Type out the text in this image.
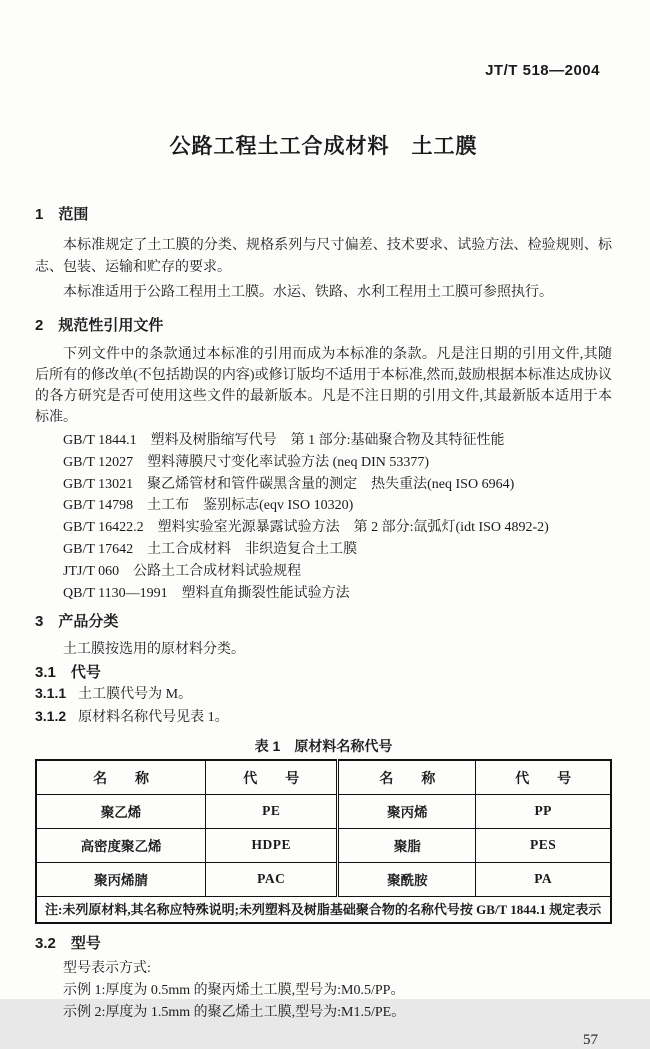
JT/T 518—2004
公路工程土工合成材料　土工膜
1　范围

本标准规定了土工膜的分类、规格系列与尺寸偏差、技术要求、试验方法、检验规则、标志、包装、运输和贮存的要求。

本标准适用于公路工程用土工膜。水运、铁路、水利工程用土工膜可参照执行。

2　规范性引用文件

下列文件中的条款通过本标准的引用而成为本标准的条款。凡是注日期的引用文件,其随后所有的修改单(不包括勘误的内容)或修订版均不适用于本标准,然而,鼓励根据本标准达成协议的各方研究是否可使用这些文件的最新版本。凡是不注日期的引用文件,其最新版本适用于本标准。

GB/T 1844.1　塑料及树脂缩写代号　第 1 部分:基础聚合物及其特征性能
GB/T 12027　塑料薄膜尺寸变化率试验方法 (neq DIN 53377)
GB/T 13021　聚乙烯管材和管件碳黑含量的测定　热失重法(neq ISO 6964)
GB/T 14798　土工布　鉴别标志(eqv ISO 10320)
GB/T 16422.2　塑料实验室光源暴露试验方法　第 2 部分:氙弧灯(idt ISO 4892-2)
GB/T 17642　土工合成材料　非织造复合土工膜
JTJ/T 060　公路土工合成材料试验规程
QB/T 1130—1991　塑料直角撕裂性能试验方法
3　产品分类

土工膜按选用的原材料分类。

3.1　代号

3.1.1 土工膜代号为 M。

3.1.2 原材料名称代号见表 1。

表 1　原材料名称代号
名　　称	代　　号	名　　称	代　　号
聚乙烯	PE	聚丙烯	PP
高密度聚乙烯	HDPE	聚脂	PES
聚丙烯腈	PAC	聚酰胺	PA
注:未列原材料,其名称应特殊说明;未列塑料及树脂基础聚合物的名称代号按 GB/T 1844.1 规定表示			
3.2　型号

型号表示方式:

示例 1:厚度为 0.5mm 的聚丙烯土工膜,型号为:M0.5/PP。

示例 2:厚度为 1.5mm 的聚乙烯土工膜,型号为:M1.5/PE。

57
